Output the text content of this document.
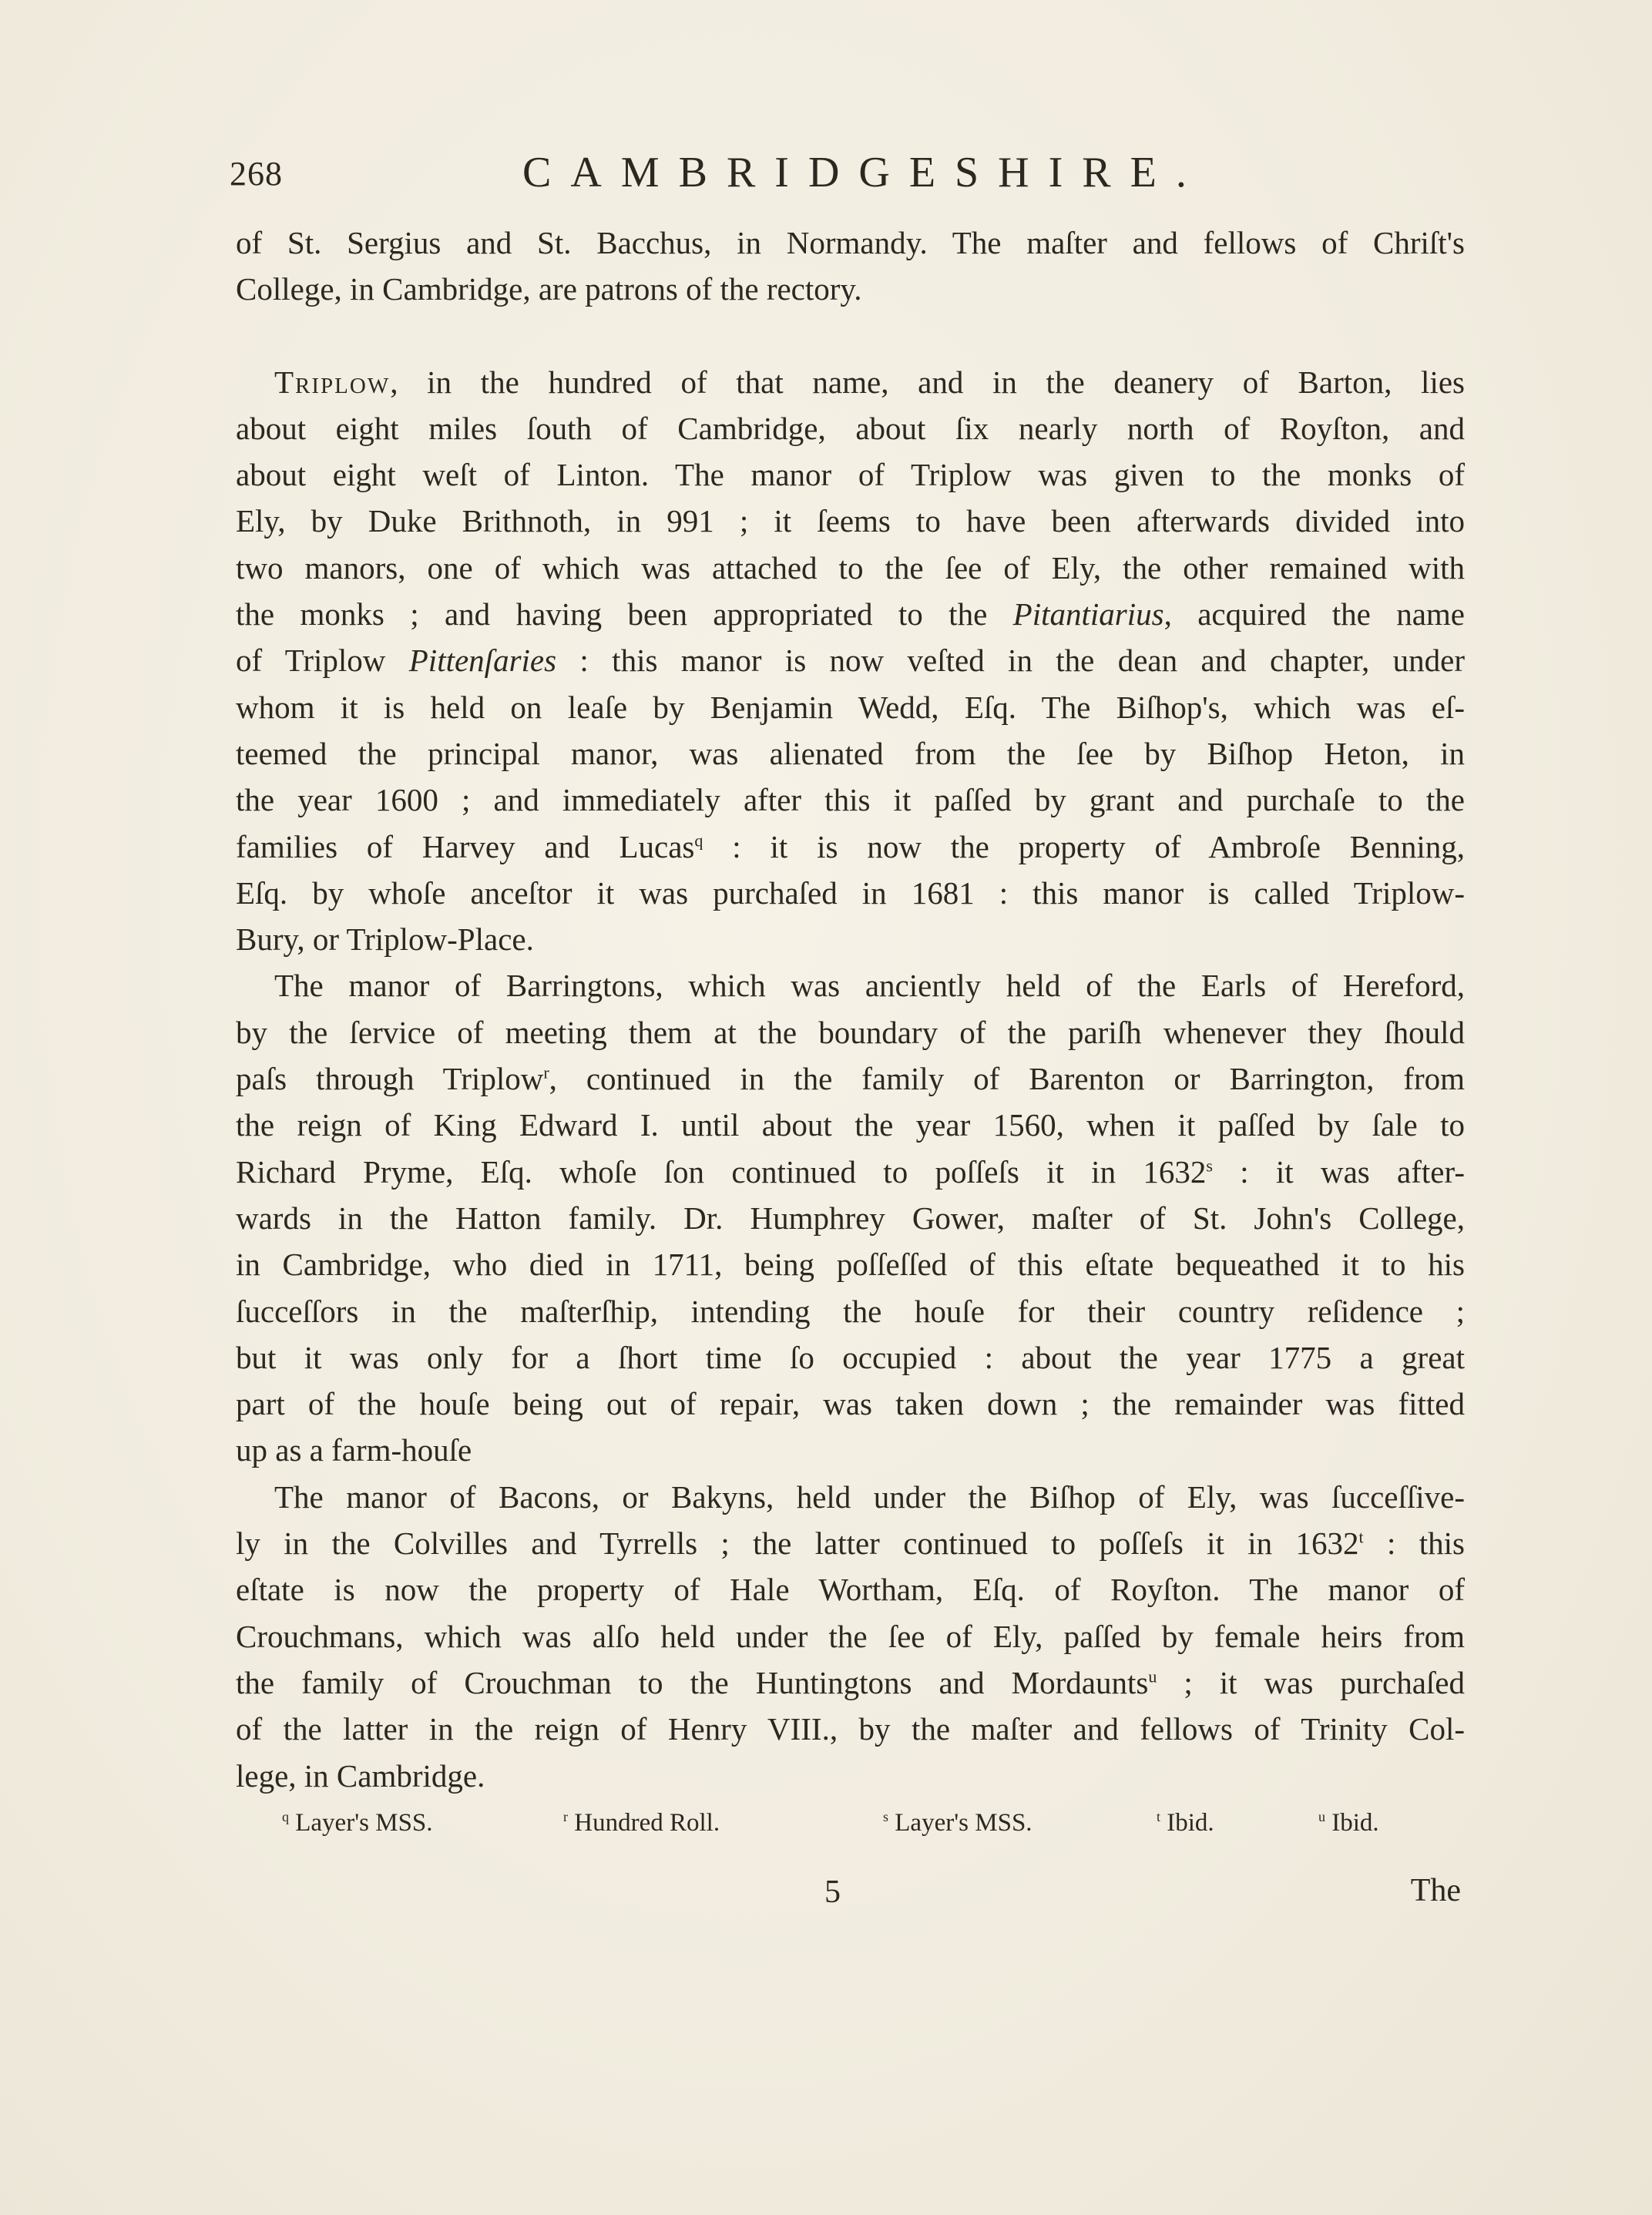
268	CAMBRIDGESHIRE.
of St. Sergius and St. Bacchus, in Normandy. The maſter and fellows of Chriſt's
College, in Cambridge, are patrons of the rectory.
Triplow, in the hundred of that name, and in the deanery of Barton, lies
about eight miles ſouth of Cambridge, about ſix nearly north of Royſton, and
about eight weſt of Linton. The manor of Triplow was given to the monks of
Ely, by Duke Brithnoth, in 991 ; it ſeems to have been afterwards divided into
two manors, one of which was attached to the ſee of Ely, the other remained with
the monks ; and having been appropriated to the Pitantiarius, acquired the name
of Triplow Pittenſaries : this manor is now veſted in the dean and chapter, under
whom it is held on leaſe by Benjamin Wedd, Eſq. The Biſhop's, which was eſ-
teemed the principal manor, was alienated from the ſee by Biſhop Heton, in
the year 1600 ; and immediately after this it paſſed by grant and purchaſe to the
families of Harvey and Lucas$^q$ : it is now the property of Ambroſe Benning,
Eſq. by whoſe anceſtor it was purchaſed in 1681 : this manor is called Triplow-
Bury, or Triplow-Place.
The manor of Barringtons, which was anciently held of the Earls of Hereford,
by the ſervice of meeting them at the boundary of the pariſh whenever they ſhould
paſs through Triplow$^r$, continued in the family of Barenton or Barrington, from
the reign of King Edward I. until about the year 1560, when it paſſed by ſale to
Richard Pryme, Eſq. whoſe ſon continued to poſſeſs it in 1632$^s$ : it was after-
wards in the Hatton family. Dr. Humphrey Gower, maſter of St. John's College,
in Cambridge, who died in 1711, being poſſeſſed of this eſtate bequeathed it to his
ſucceſſors in the maſterſhip, intending the houſe for their country reſidence ;
but it was only for a ſhort time ſo occupied : about the year 1775 a great
part of the houſe being out of repair, was taken down ; the remainder was fitted
up as a farm-houſe
The manor of Bacons, or Bakyns, held under the Biſhop of Ely, was ſucceſſive-
ly in the Colvilles and Tyrrells ; the latter continued to poſſeſs it in 1632$^t$ : this
eſtate is now the property of Hale Wortham, Eſq. of Royſton. The manor of
Crouchmans, which was alſo held under the ſee of Ely, paſſed by female heirs from
the family of Crouchman to the Huntingtons and Mordaunts$^u$ ; it was purchaſed
of the latter in the reign of Henry VIII., by the maſter and fellows of Trinity Col-
lege, in Cambridge.
$^q$ Layer's MSS.	$^r$ Hundred Roll.	$^s$ Layer's MSS.	$^t$ Ibid.	$^u$ Ibid.
5	The
